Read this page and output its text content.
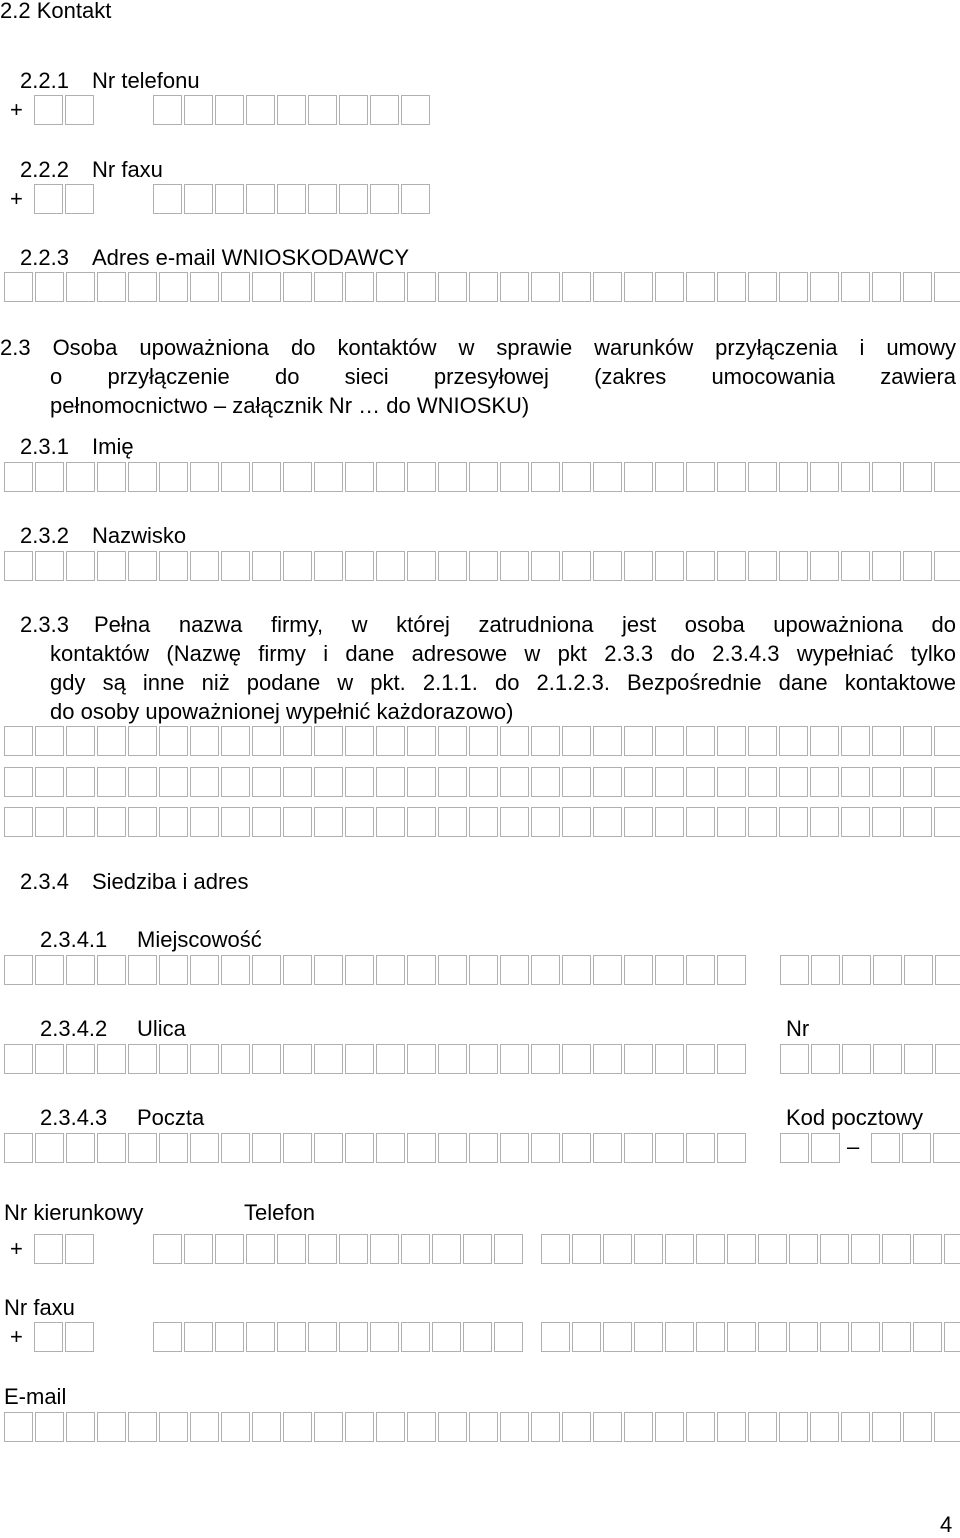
2.2 Kontakt
2.2.1 Nr telefonu
+
2.2.2 Nr faxu
+
2.2.3 Adres e-mail WNIOSKODAWCY
2.3 Osoba upoważniona do kontaktów w sprawie warunków przyłączenia i umowy
o przyłączenie do sieci przesyłowej (zakres umocowania zawiera
pełnomocnictwo – załącznik Nr … do WNIOSKU)
2.3.1 Imię
2.3.2 Nazwisko
2.3.3	Pełna nazwa firmy, w której zatrudniona jest osoba upoważniona do
kontaktów (Nazwę firmy i dane adresowe w pkt 2.3.3 do 2.3.4.3 wypełniać tylko
gdy są inne niż podane w pkt. 2.1.1. do 2.1.2.3. Bezpośrednie dane kontaktowe
do osoby upoważnionej wypełnić każdorazowo)
2.3.4 Siedziba i adres
2.3.4.1 Miejscowość
2.3.4.2 Ulica	Nr
2.3.4.3 Poczta	Kod pocztowy
–
Nr kierunkowy	Telefon
+
Nr faxu
+
E-mail
4
